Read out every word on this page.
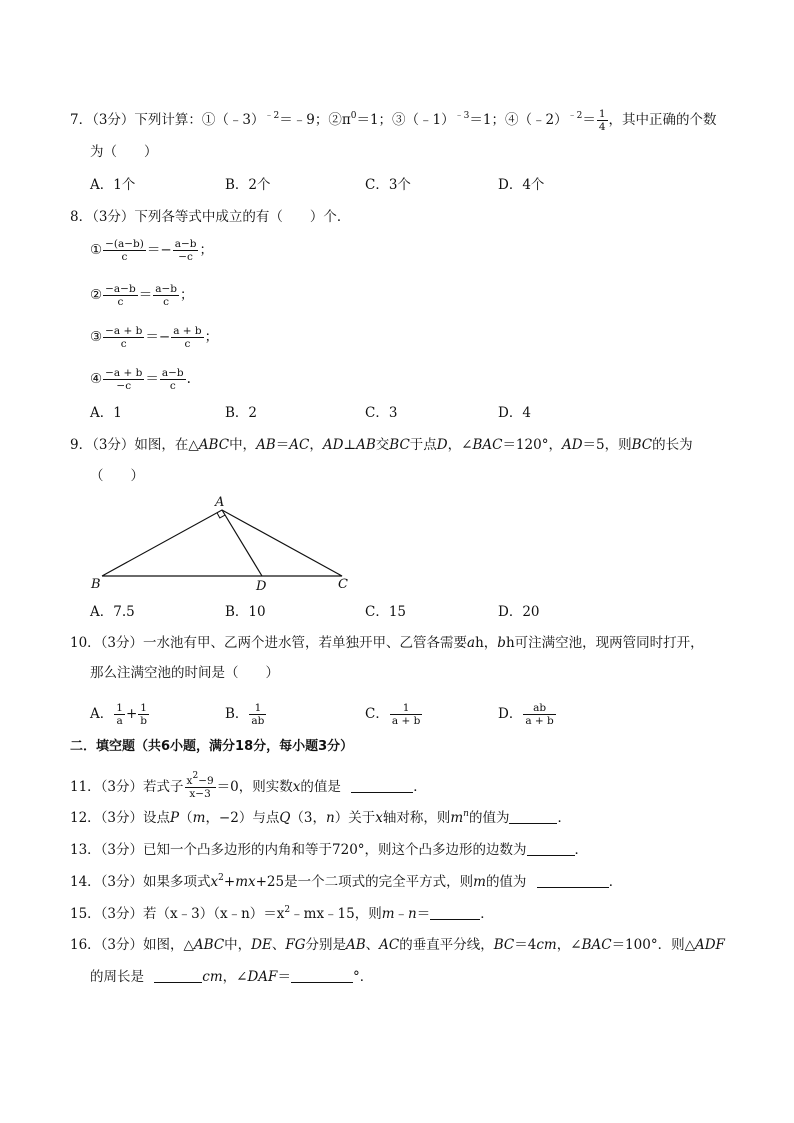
7．（3分）下列计算：①（﹣3）$^{﹣2}$＝﹣9；$②\pi^0=1$；③（﹣1）$^{﹣3}$＝1；④（﹣2）$^{﹣2}$＝ $\frac{1}{4}$ ，其中正确的个数
为（　　）
A．1个	B．2个	C．3个	D．4个
8．（3分）下列各等式中成立的有（　　）个．
① $\frac{-(a-b)}{c} =- \frac{a-b}{-c}$ ；
② $\frac{-a-b}{c} = \frac{a-b}{c}$ ；
③ $\frac{-a + b}{c} =- \frac{a + b}{c}$ ；
④ $\frac{-a + b}{-c} = \frac{a-b}{c}$ .
A．1	B．2	C．3	D．4
9．（3分）如图，在△ABC中，AB＝AC，AD⊥AB交BC于点D，∠BAC＝120°，AD＝5，则BC的长为
（　　）
A
B	D	C
A．7.5	B．10	C．15	D．20
10．（3分）一水池有甲、乙两个进水管，若单独开甲、乙管各需要ah，bh可注满空池，现两管同时打开，
那么注满空池的时间是（　　）
A． $\frac{1}{a} + \frac{1}{b}$	B． $\frac{1}{ab}$	C． $\frac{1}{a + b}$	D． $\frac{ab}{a + b}$
二．填空题（共6小题，满分18分，每小题3分）
11．（3分）若式子 $\frac{x^2-9}{x-3} =0$，则实数x的值是	．
12．（3分）设点P（m，−2）与点Q（3，n）关于x轴对称，则$m^n$的值为	．
13．（3分）已知一个凸多边形的内角和等于720°，则这个凸多边形的边数为	．
14．（3分）如果多项式$x^2+mx+25$是一个二项式的完全平方式，则m的值为	．
15．（3分）若$(x﹣3)(x﹣n)=x^2﹣mx﹣15$，则m﹣n＝	．
16．（3分）如图，△ABC中，DE、FG分别是AB、AC的垂直平分线，BC＝4cm，∠BAC＝100°．则△ADF
的周长是	cm，∠DAF＝	°．
